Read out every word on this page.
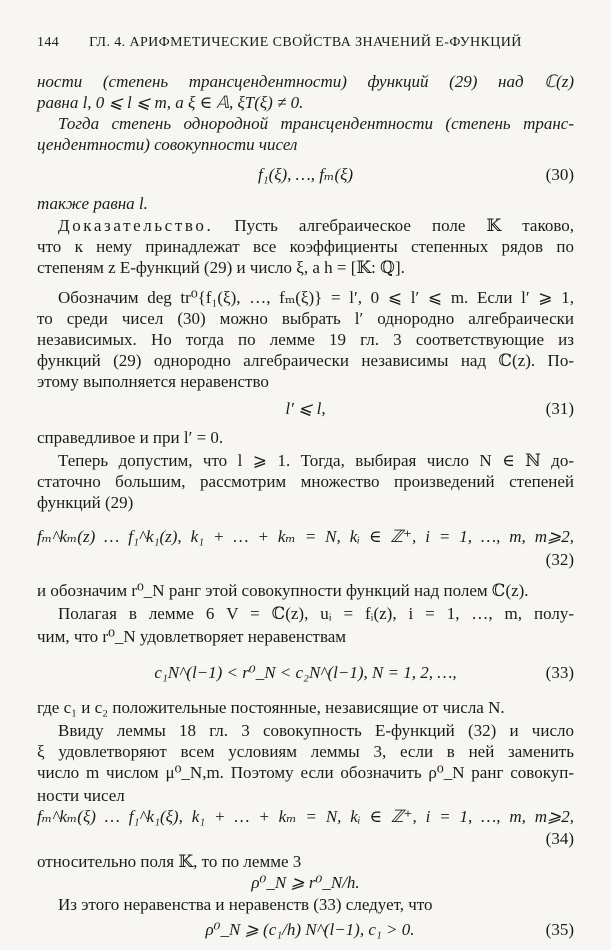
144 ГЛ. 4. АРИФМЕТИЧЕСКИЕ СВОЙСТВА ЗНАЧЕНИЙ E-ФУНКЦИЙ
ности (степень трансцендентности) функций (29) над ℂ(z)
равна l, 0 ⩽ l ⩽ m, а ξ ∈ 𝔸, ξT(ξ) ≠ 0.
Тогда степень однородной трансцендентности (степень транс-
цендентности) совокупности чисел
f₁(ξ), …, fₘ(ξ)	(30)
также равна l.
Доказательство. Пусть алгебраическое поле 𝕂 таково,
что к нему принадлежат все коэффициенты степенных рядов по
степеням z E-функций (29) и число ξ, а h = [𝕂: ℚ].
Обозначим deg tr⁰{f₁(ξ), …, fₘ(ξ)} = l′, 0 ⩽ l′ ⩽ m. Если l′ ⩾ 1,
то среди чисел (30) можно выбрать l′ однородно алгебраически
независимых. Но тогда по лемме 19 гл. 3 соответствующие из
функций (29) однородно алгебраически независимы над ℂ(z). По-
этому выполняется неравенство
l′ ⩽ l,	(31)
справедливое и при l′ = 0.
Теперь допустим, что l ⩾ 1. Тогда, выбирая число N ∈ ℕ до-
статочно большим, рассмотрим множество произведений степеней
функций (29)
fₘ^kₘ(z) … f₁^k₁(z), k₁ + … + kₘ = N, kᵢ ∈ ℤ⁺, i = 1, …, m, m⩾2,
(32)
и обозначим r⁰_N ранг этой совокупности функций над полем ℂ(z).
Полагая в лемме 6 V = ℂ(z), uᵢ = fᵢ(z), i = 1, …, m, полу-
чим, что r⁰_N удовлетворяет неравенствам
c₁N^(l−1) < r⁰_N < c₂N^(l−1), N = 1, 2, …,	(33)
где c₁ и c₂ положительные постоянные, независящие от числа N.
Ввиду леммы 18 гл. 3 совокупность E-функций (32) и число
ξ удовлетворяют всем условиям леммы 3, если в ней заменить
число m числом μ⁰_N,m. Поэтому если обозначить ρ⁰_N ранг совокуп-
ности чисел
fₘ^kₘ(ξ) … f₁^k₁(ξ), k₁ + … + kₘ = N, kᵢ ∈ ℤ⁺, i = 1, …, m, m⩾2,
(34)
относительно поля 𝕂, то по лемме 3
ρ⁰_N ⩾ r⁰_N/h.
Из этого неравенства и неравенств (33) следует, что
ρ⁰_N ⩾ (c₁/h) N^(l−1), c₁ > 0.	(35)
